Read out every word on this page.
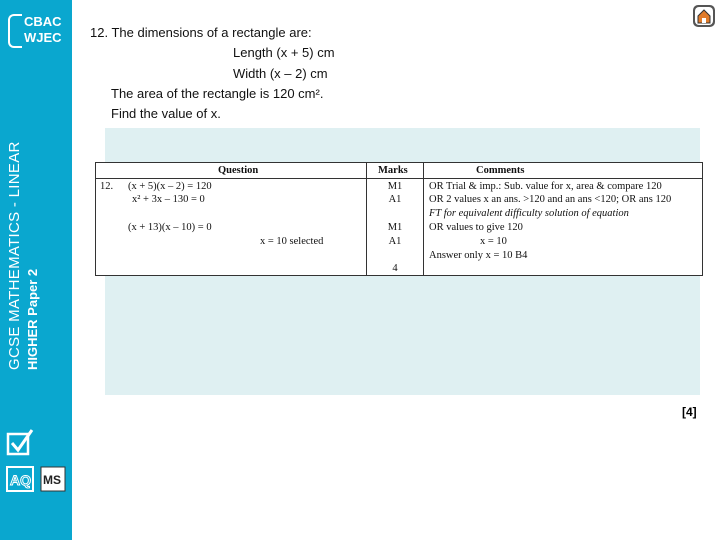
CBAC
WJEC
GCSE MATHEMATICS - LINEAR HIGHER Paper 2
AQ MS
12. The dimensions of a rectangle are:
Length (x + 5) cm
Width (x – 2) cm
The area of the rectangle is 120 cm².
Find the value of x.
Question	Marks	Comments
12. (x + 5)(x – 2) = 120
x² + 3x – 130 = 0
(x + 13)(x – 10) = 0
x = 10 selected
M1
A1
M1
A1
4
OR Trial & imp.: Sub. value for x, area & compare 120
OR 2 values x an ans. >120 and an ans <120; OR ans 120
FT for equivalent difficulty solution of equation
OR values to give 120
x = 10
Answer only x = 10 B4
[4]
